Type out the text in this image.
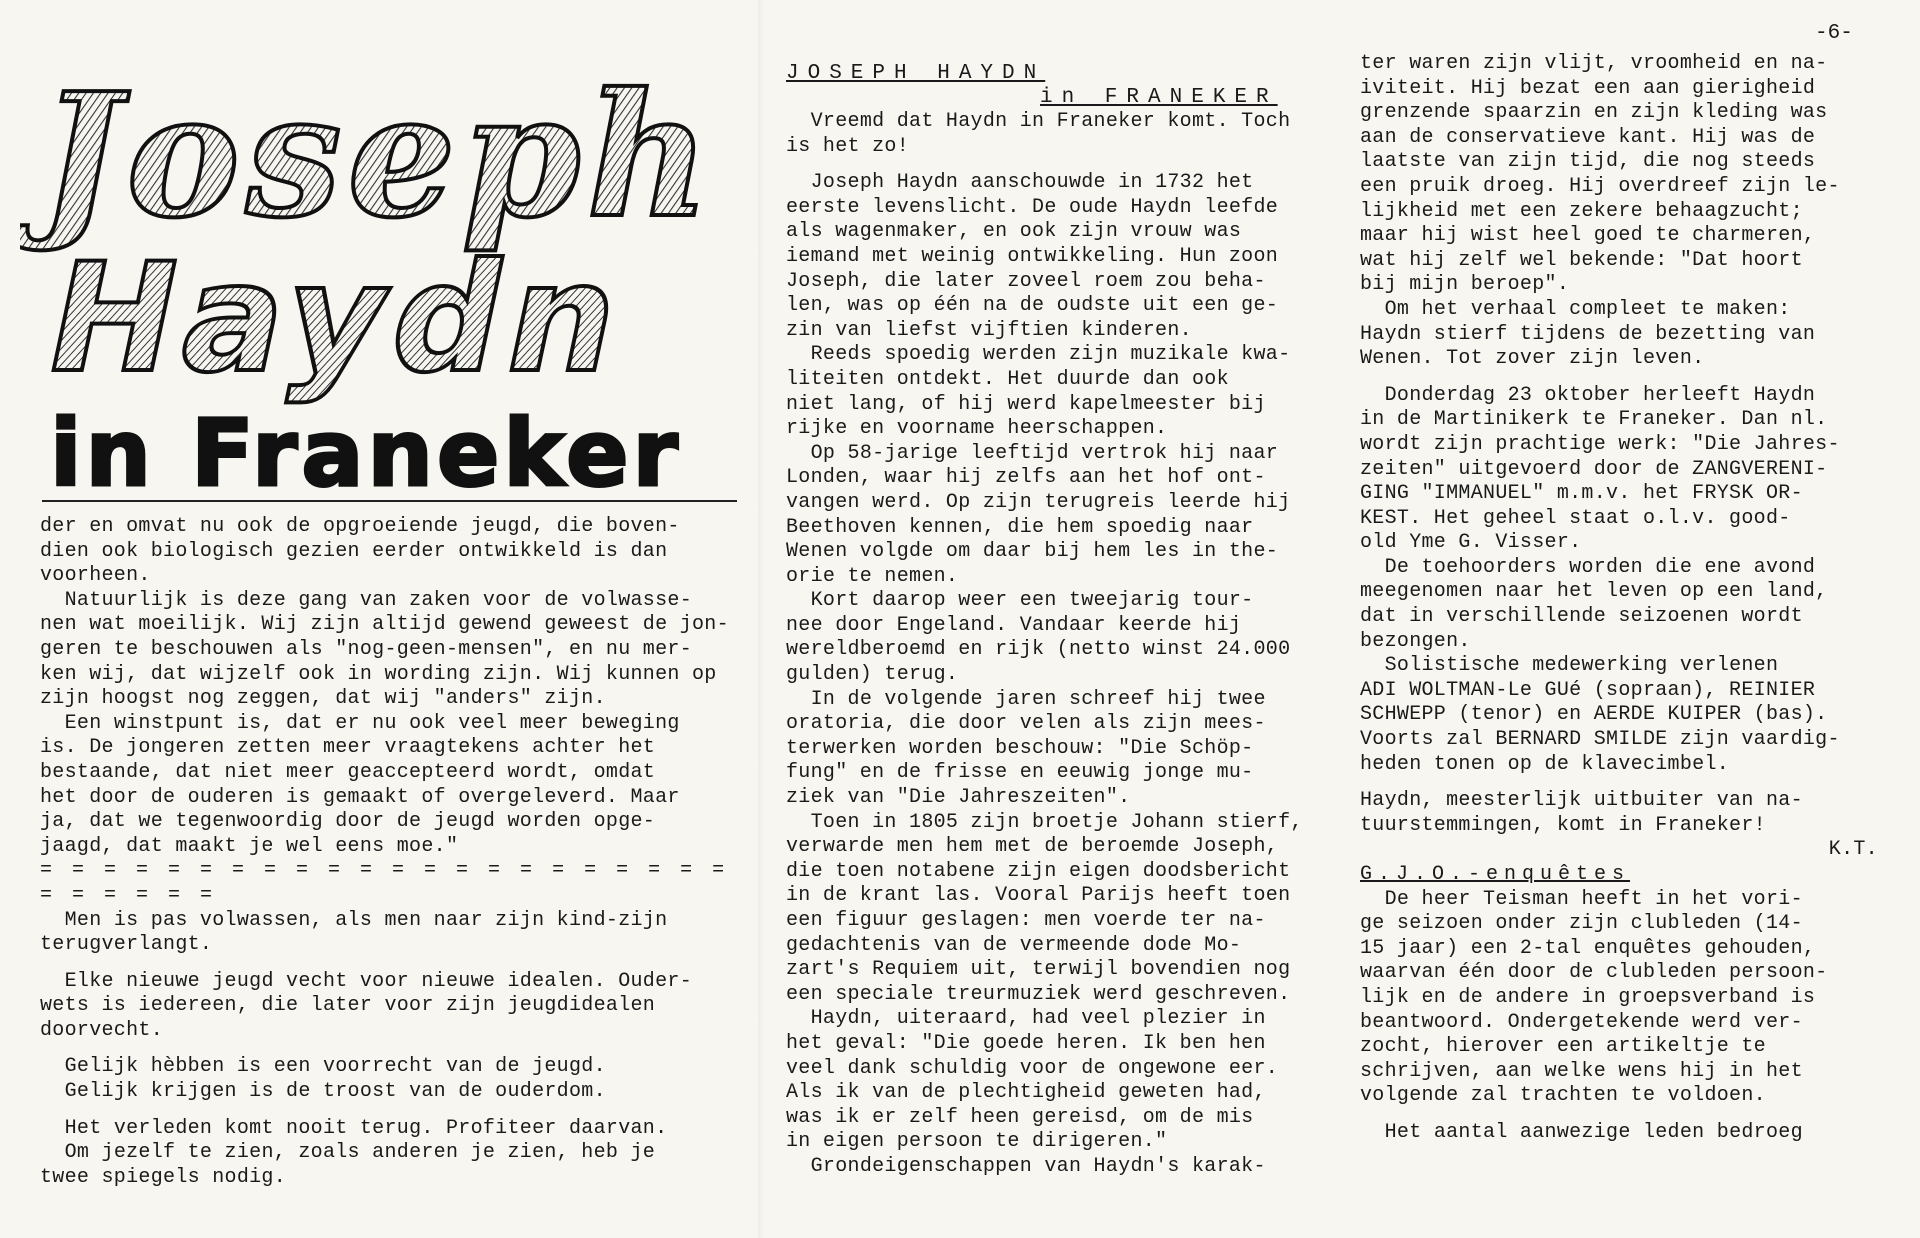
Joseph
Haydn
in Franeker

der en omvat nu ook de opgroeiende jeugd, die boven-
dien ook biologisch gezien eerder ontwikkeld is dan
voorheen.

Natuurlijk is deze gang van zaken voor de volwasse-
nen wat moeilijk. Wij zijn altijd gewend geweest de jon-
geren te beschouwen als "nog-geen-mensen", en nu mer-
ken wij, dat wijzelf ook in wording zijn. Wij kunnen op
zijn hoogst nog zeggen, dat wij "anders" zijn.

Een winstpunt is, dat er nu ook veel meer beweging
is. De jongeren zetten meer vraagtekens achter het
bestaande, dat niet meer geaccepteerd wordt, omdat
het door de ouderen is gemaakt of overgeleverd. Maar
ja, dat we tegenwoordig door de jeugd worden opge-
jaagd, dat maakt je wel eens moe."

= = = = = = = = = = = = = = = = = = = = = = = = = = = =

Men is pas volwassen, als men naar zijn kind-zijn
terugverlangt.

Elke nieuwe jeugd vecht voor nieuwe idealen. Ouder-
wets is iedereen, die later voor zijn jeugdidealen
doorvecht.

Gelijk hèbben is een voorrecht van de jeugd.
Gelijk krijgen is de troost van de ouderdom.

Het verleden komt nooit terug. Profiteer daarvan.

Om jezelf te zien, zoals anderen je zien, heb je
twee spiegels nodig.

JOSEPH HAYDN
in FRANEKER

Vreemd dat Haydn in Franeker komt. Toch
is het zo!

Joseph Haydn aanschouwde in 1732 het
eerste levenslicht. De oude Haydn leefde
als wagenmaker, en ook zijn vrouw was
iemand met weinig ontwikkeling. Hun zoon
Joseph, die later zoveel roem zou beha-
len, was op één na de oudste uit een ge-
zin van liefst vijftien kinderen.

Reeds spoedig werden zijn muzikale kwa-
liteiten ontdekt. Het duurde dan ook
niet lang, of hij werd kapelmeester bij
rijke en voorname heerschappen.

Op 58-jarige leeftijd vertrok hij naar
Londen, waar hij zelfs aan het hof ont-
vangen werd. Op zijn terugreis leerde hij
Beethoven kennen, die hem spoedig naar
Wenen volgde om daar bij hem les in the-
orie te nemen.

Kort daarop weer een tweejarig tour-
nee door Engeland. Vandaar keerde hij
wereldberoemd en rijk (netto winst 24.000
gulden) terug.

In de volgende jaren schreef hij twee
oratoria, die door velen als zijn mees-
terwerken worden beschouw: "Die Schöp-
fung" en de frisse en eeuwig jonge mu-
ziek van "Die Jahreszeiten".

Toen in 1805 zijn broetje Johann stierf,
verwarde men hem met de beroemde Joseph,
die toen notabene zijn eigen doodsbericht
in de krant las. Vooral Parijs heeft toen
een figuur geslagen: men voerde ter na-
gedachtenis van de vermeende dode Mo-
zart's Requiem uit, terwijl bovendien nog
een speciale treurmuziek werd geschreven.

Haydn, uiteraard, had veel plezier in
het geval: "Die goede heren. Ik ben hen
veel dank schuldig voor de ongewone eer.
Als ik van de plechtigheid geweten had,
was ik er zelf heen gereisd, om de mis
in eigen persoon te dirigeren."

Grondeigenschappen van Haydn's karak-

-6-

ter waren zijn vlijt, vroomheid en na-
iviteit. Hij bezat een aan gierigheid
grenzende spaarzin en zijn kleding was
aan de conservatieve kant. Hij was de
laatste van zijn tijd, die nog steeds
een pruik droeg. Hij overdreef zijn le-
lijkheid met een zekere behaagzucht;
maar hij wist heel goed te charmeren,
wat hij zelf wel bekende: "Dat hoort
bij mijn beroep".

Om het verhaal compleet te maken:
Haydn stierf tijdens de bezetting van
Wenen. Tot zover zijn leven.

Donderdag 23 oktober herleeft Haydn
in de Martinikerk te Franeker. Dan nl.
wordt zijn prachtige werk: "Die Jahres-
zeiten" uitgevoerd door de ZANGVERENI-
GING "IMMANUEL" m.m.v. het FRYSK OR-
KEST. Het geheel staat o.l.v. good-
old Yme G. Visser.

De toehoorders worden die ene avond
meegenomen naar het leven op een land,
dat in verschillende seizoenen wordt
bezongen.

Solistische medewerking verlenen
ADI WOLTMAN-Le GUé (sopraan), REINIER
SCHWEPP (tenor) en AERDE KUIPER (bas).
Voorts zal BERNARD SMILDE zijn vaardig-
heden tonen op de klavecimbel.

Haydn, meesterlijk uitbuiter van na-
tuurstemmingen, komt in Franeker!

K.T.

G.J.O.-enquêtes

De heer Teisman heeft in het vori-
ge seizoen onder zijn clubleden (14-
15 jaar) een 2-tal enquêtes gehouden,
waarvan één door de clubleden persoon-
lijk en de andere in groepsverband is
beantwoord. Ondergetekende werd ver-
zocht, hierover een artikeltje te
schrijven, aan welke wens hij in het
volgende zal trachten te voldoen.

Het aantal aanwezige leden bedroeg
